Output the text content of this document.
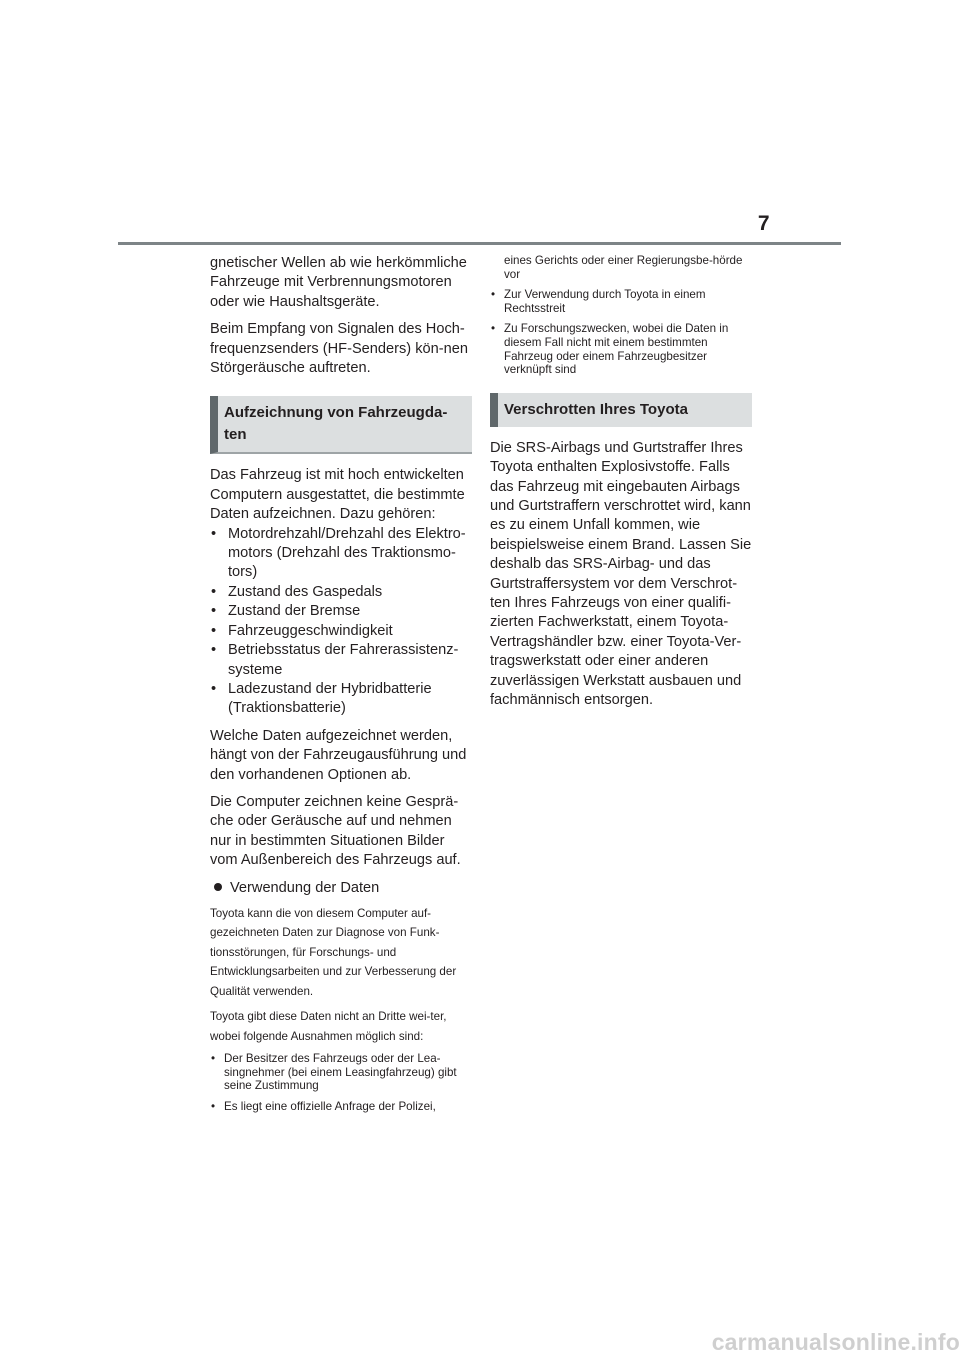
7

gnetischer Wellen ab wie herkömmliche Fahrzeuge mit Verbrennungsmotoren oder wie Haushaltsgeräte.

Beim Empfang von Signalen des Hoch-frequenzsenders (HF-Senders) kön-nen Störgeräusche auftreten.

Aufzeichnung von Fahrzeugda-ten

Das Fahrzeug ist mit hoch entwickelten Computern ausgestattet, die bestimmte Daten aufzeichnen. Dazu gehören:

• Motordrehzahl/Drehzahl des Elektro-motors (Drehzahl des Traktionsmo-tors)
• Zustand des Gaspedals
• Zustand der Bremse
• Fahrzeuggeschwindigkeit
• Betriebsstatus der Fahrerassistenz-systeme
• Ladezustand der Hybridbatterie (Traktionsbatterie)

Welche Daten aufgezeichnet werden, hängt von der Fahrzeugausführung und den vorhandenen Optionen ab.

Die Computer zeichnen keine Gesprä-che oder Geräusche auf und nehmen nur in bestimmten Situationen Bilder vom Außenbereich des Fahrzeugs auf.

Verwendung der Daten

Toyota kann die von diesem Computer auf-gezeichneten Daten zur Diagnose von Funk-tionsstörungen, für Forschungs- und Entwicklungsarbeiten und zur Verbesserung der Qualität verwenden.

Toyota gibt diese Daten nicht an Dritte wei-ter, wobei folgende Ausnahmen möglich sind:

• Der Besitzer des Fahrzeugs oder der Lea-singnehmer (bei einem Leasingfahrzeug) gibt seine Zustimmung
• Es liegt eine offizielle Anfrage der Polizei,

eines Gerichts oder einer Regierungsbe-hörde vor

• Zur Verwendung durch Toyota in einem Rechtsstreit
• Zu Forschungszwecken, wobei die Daten in diesem Fall nicht mit einem bestimmten Fahrzeug oder einem Fahrzeugbesitzer verknüpft sind
Verschrotten Ihres Toyota

Die SRS-Airbags und Gurtstraffer Ihres Toyota enthalten Explosivstoffe. Falls das Fahrzeug mit eingebauten Airbags und Gurtstraffern verschrottet wird, kann es zu einem Unfall kommen, wie beispielsweise einem Brand. Lassen Sie deshalb das SRS-Airbag- und das Gurtstraffersystem vor dem Verschrot-ten Ihres Fahrzeugs von einer qualifi-zierten Fachwerkstatt, einem Toyota-Vertragshändler bzw. einer Toyota-Ver-tragswerkstatt oder einer anderen zuverlässigen Werkstatt ausbauen und fachmännisch entsorgen.

carmanualsonline.info
